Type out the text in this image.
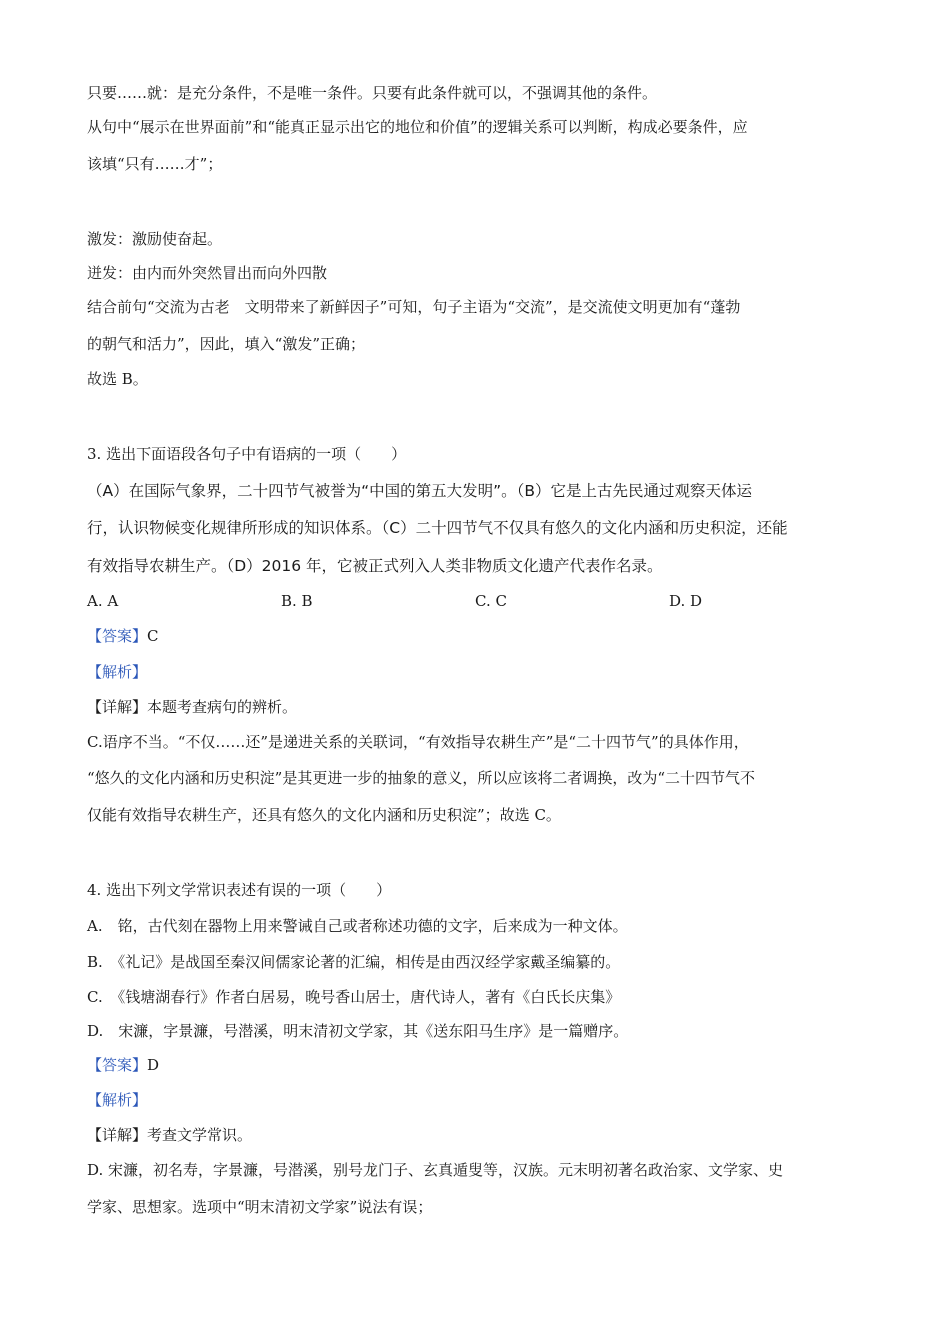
只要……就：是充分条件，不是唯一条件。只要有此条件就可以，不强调其他的条件。
从句中“展示在世界面前”和“能真正显示出它的地位和价值”的逻辑关系可以判断，构成必要条件，应
该填“只有……才”；
激发：激励使奋起。
迸发：由内而外突然冒出而向外四散
结合前句“交流为古老　文明带来了新鲜因子”可知，句子主语为“交流”，是交流使文明更加有“蓬勃
的朝气和活力”，因此，填入“激发”正确；
故选 B。
3. 选出下面语段各句子中有语病的一项（　　）
（A）在国际气象界，二十四节气被誉为“中国的第五大发明”。（B）它是上古先民通过观察天体运
行，认识物候变化规律所形成的知识体系。（C）二十四节气不仅具有悠久的文化内涵和历史积淀，还能
有效指导农耕生产。（D）2016 年，它被正式列入人类非物质文化遗产代表作名录。
A. A	B. B	C. C	D. D
【答案】C
【解析】
【详解】本题考查病句的辨析。
C.语序不当。“不仅……还”是递进关系的关联词，“有效指导农耕生产”是“二十四节气”的具体作用，
“悠久的文化内涵和历史积淀”是其更进一步的抽象的意义，所以应该将二者调换，改为“二十四节气不
仅能有效指导农耕生产，还具有悠久的文化内涵和历史积淀”；故选 C。
4. 选出下列文学常识表述有误的一项（　　）
A.　铭，古代刻在器物上用来警诫自己或者称述功德的文字，后来成为一种文体。
B.　《礼记》是战国至秦汉间儒家论著的汇编，相传是由西汉经学家戴圣编纂的。
C.　《钱塘湖春行》作者白居易，晚号香山居士，唐代诗人，著有《白氏长庆集》
D.　宋濂，字景濂，号潜溪，明末清初文学家，其《送东阳马生序》是一篇赠序。
【答案】D
【解析】
【详解】考查文学常识。
D. 宋濂，初名寿，字景濂，号潜溪，别号龙门子、玄真遁叟等，汉族。元末明初著名政治家、文学家、史
学家、思想家。选项中“明末清初文学家”说法有误；
